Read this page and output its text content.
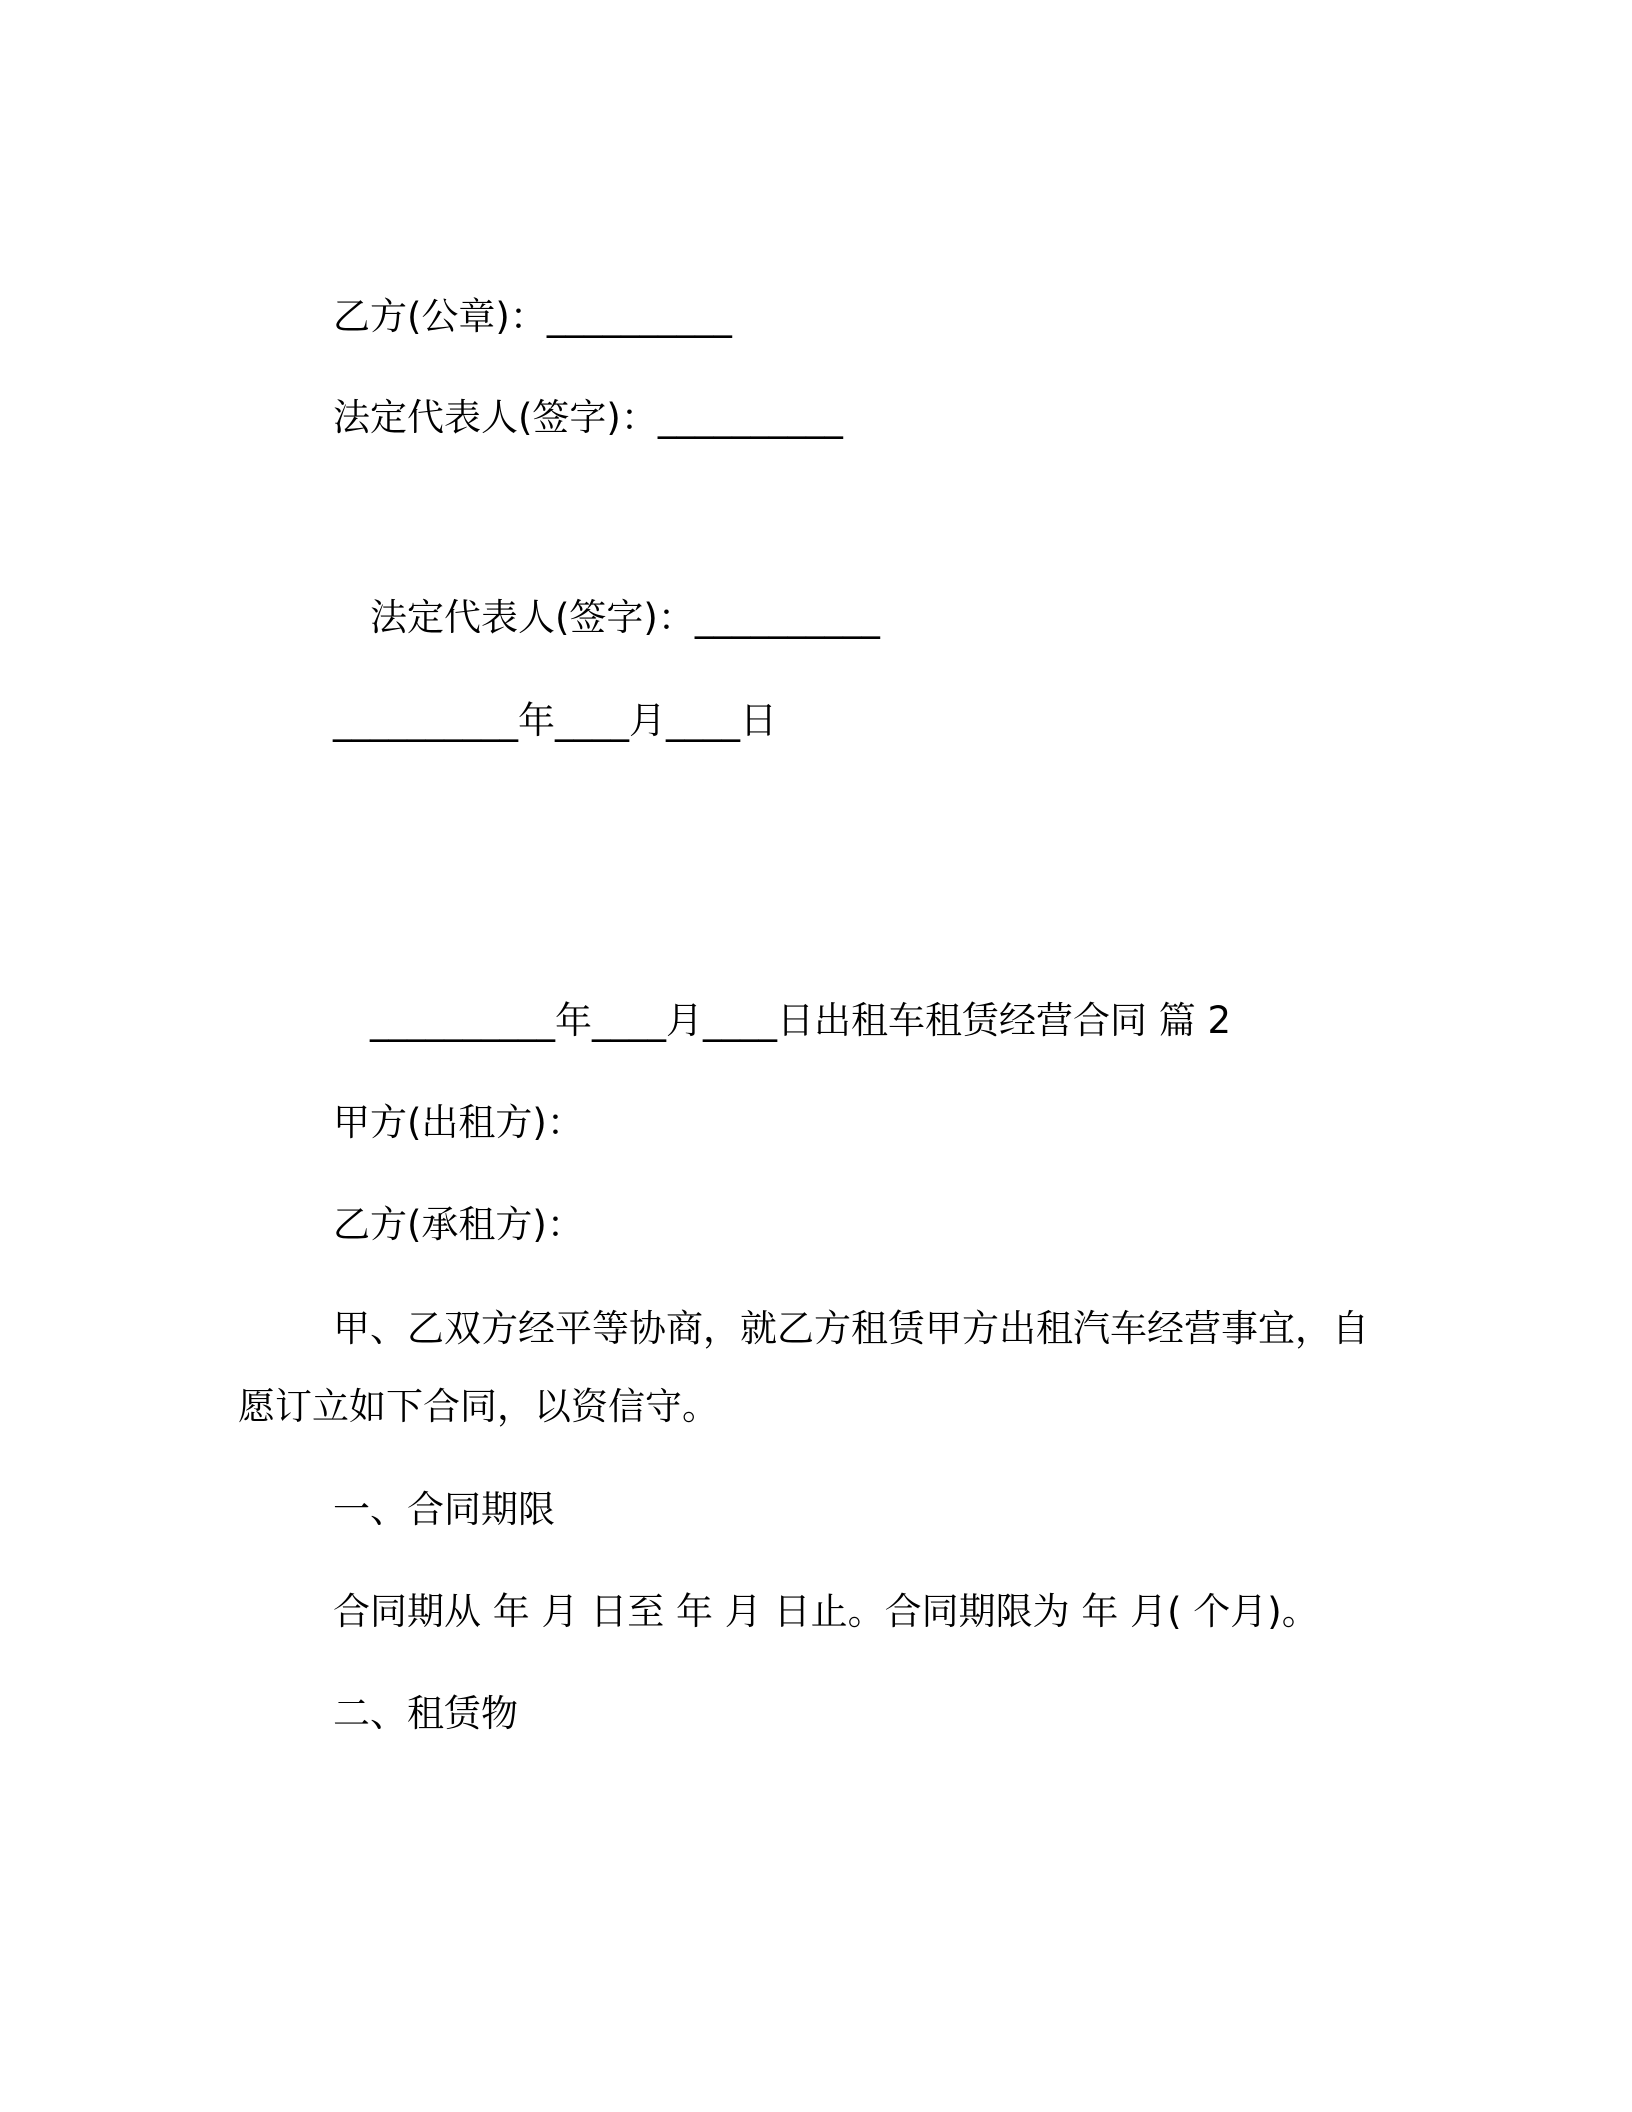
乙方(公章)：__________
法定代表人(签字)：__________
法定代表人(签字)：__________
__________年____月____日
__________年____月____日出租车租赁经营合同 篇 2
甲方(出租方)：
乙方(承租方)：
甲、乙双方经平等协商，就乙方租赁甲方出租汽车经营事宜，自
愿订立如下合同，以资信守。
一、合同期限
合同期从 年 月 日至 年 月 日止。合同期限为 年 月( 个月)。
二、租赁物
